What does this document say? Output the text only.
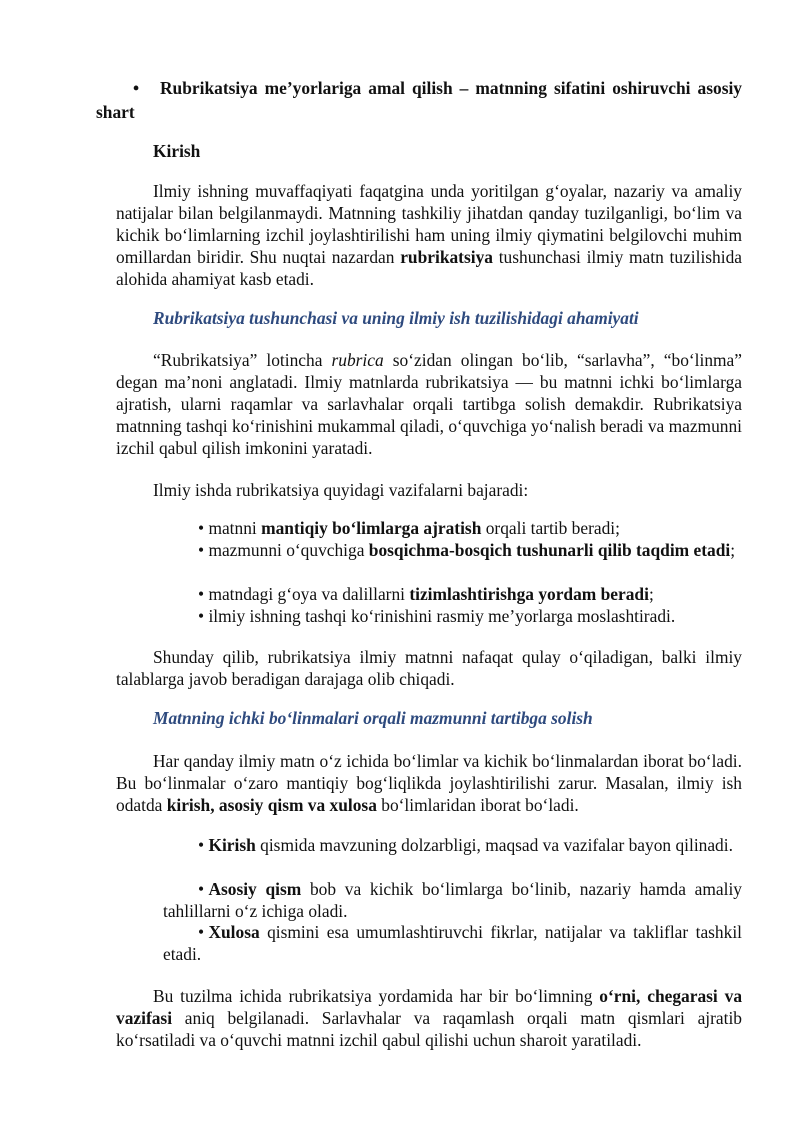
• Rubrikatsiya me’yorlariga amal qilish – matnning sifatini oshiruvchi asosiy shart
Kirish

Ilmiy ishning muvaffaqiyati faqatgina unda yoritilgan g‘oyalar, nazariy va amaliy natijalar bilan belgilanmaydi. Matnning tashkiliy jihatdan qanday tuzilganligi, bo‘lim va kichik bo‘limlarning izchil joylashtirilishi ham uning ilmiy qiymatini belgilovchi muhim omillardan biridir. Shu nuqtai nazardan rubrikatsiya tushunchasi ilmiy matn tuzilishida alohida ahamiyat kasb etadi.

Rubrikatsiya tushunchasi va uning ilmiy ish tuzilishidagi ahamiyati

“Rubrikatsiya” lotincha rubrica so‘zidan olingan bo‘lib, “sarlavha”, “bo‘linma” degan ma’noni anglatadi. Ilmiy matnlarda rubrikatsiya — bu matnni ichki bo‘limlarga ajratish, ularni raqamlar va sarlavhalar orqali tartibga solish demakdir. Rubrikatsiya matnning tashqi ko‘rinishini mukammal qiladi, o‘quvchiga yo‘nalish beradi va mazmunni izchil qabul qilish imkonini yaratadi.

Ilmiy ishda rubrikatsiya quyidagi vazifalarni bajaradi:

• matnni mantiqiy bo‘limlarga ajratish orqali tartib beradi;

• mazmunni o‘quvchiga bosqichma-bosqich tushunarli qilib taqdim etadi;

• matndagi g‘oya va dalillarni tizimlashtirishga yordam beradi;

• ilmiy ishning tashqi ko‘rinishini rasmiy me’yorlarga moslashtiradi.

Shunday qilib, rubrikatsiya ilmiy matnni nafaqat qulay o‘qiladigan, balki ilmiy talablarga javob beradigan darajaga olib chiqadi.

Matnning ichki bo‘linmalari orqali mazmunni tartibga solish

Har qanday ilmiy matn o‘z ichida bo‘limlar va kichik bo‘linmalardan iborat bo‘ladi. Bu bo‘linmalar o‘zaro mantiqiy bog‘liqlikda joylashtirilishi zarur. Masalan, ilmiy ish odatda kirish, asosiy qism va xulosa bo‘limlaridan iborat bo‘ladi.

• Kirish qismida mavzuning dolzarbligi, maqsad va vazifalar bayon qilinadi.

• Asosiy qism bob va kichik bo‘limlarga bo‘linib, nazariy hamda amaliy tahlillarni o‘z ichiga oladi.

• Xulosa qismini esa umumlashtiruvchi fikrlar, natijalar va takliflar tashkil etadi.

Bu tuzilma ichida rubrikatsiya yordamida har bir bo‘limning o‘rni, chegarasi va vazifasi aniq belgilanadi. Sarlavhalar va raqamlash orqali matn qismlari ajratib ko‘rsatiladi va o‘quvchi matnni izchil qabul qilishi uchun sharoit yaratiladi.
